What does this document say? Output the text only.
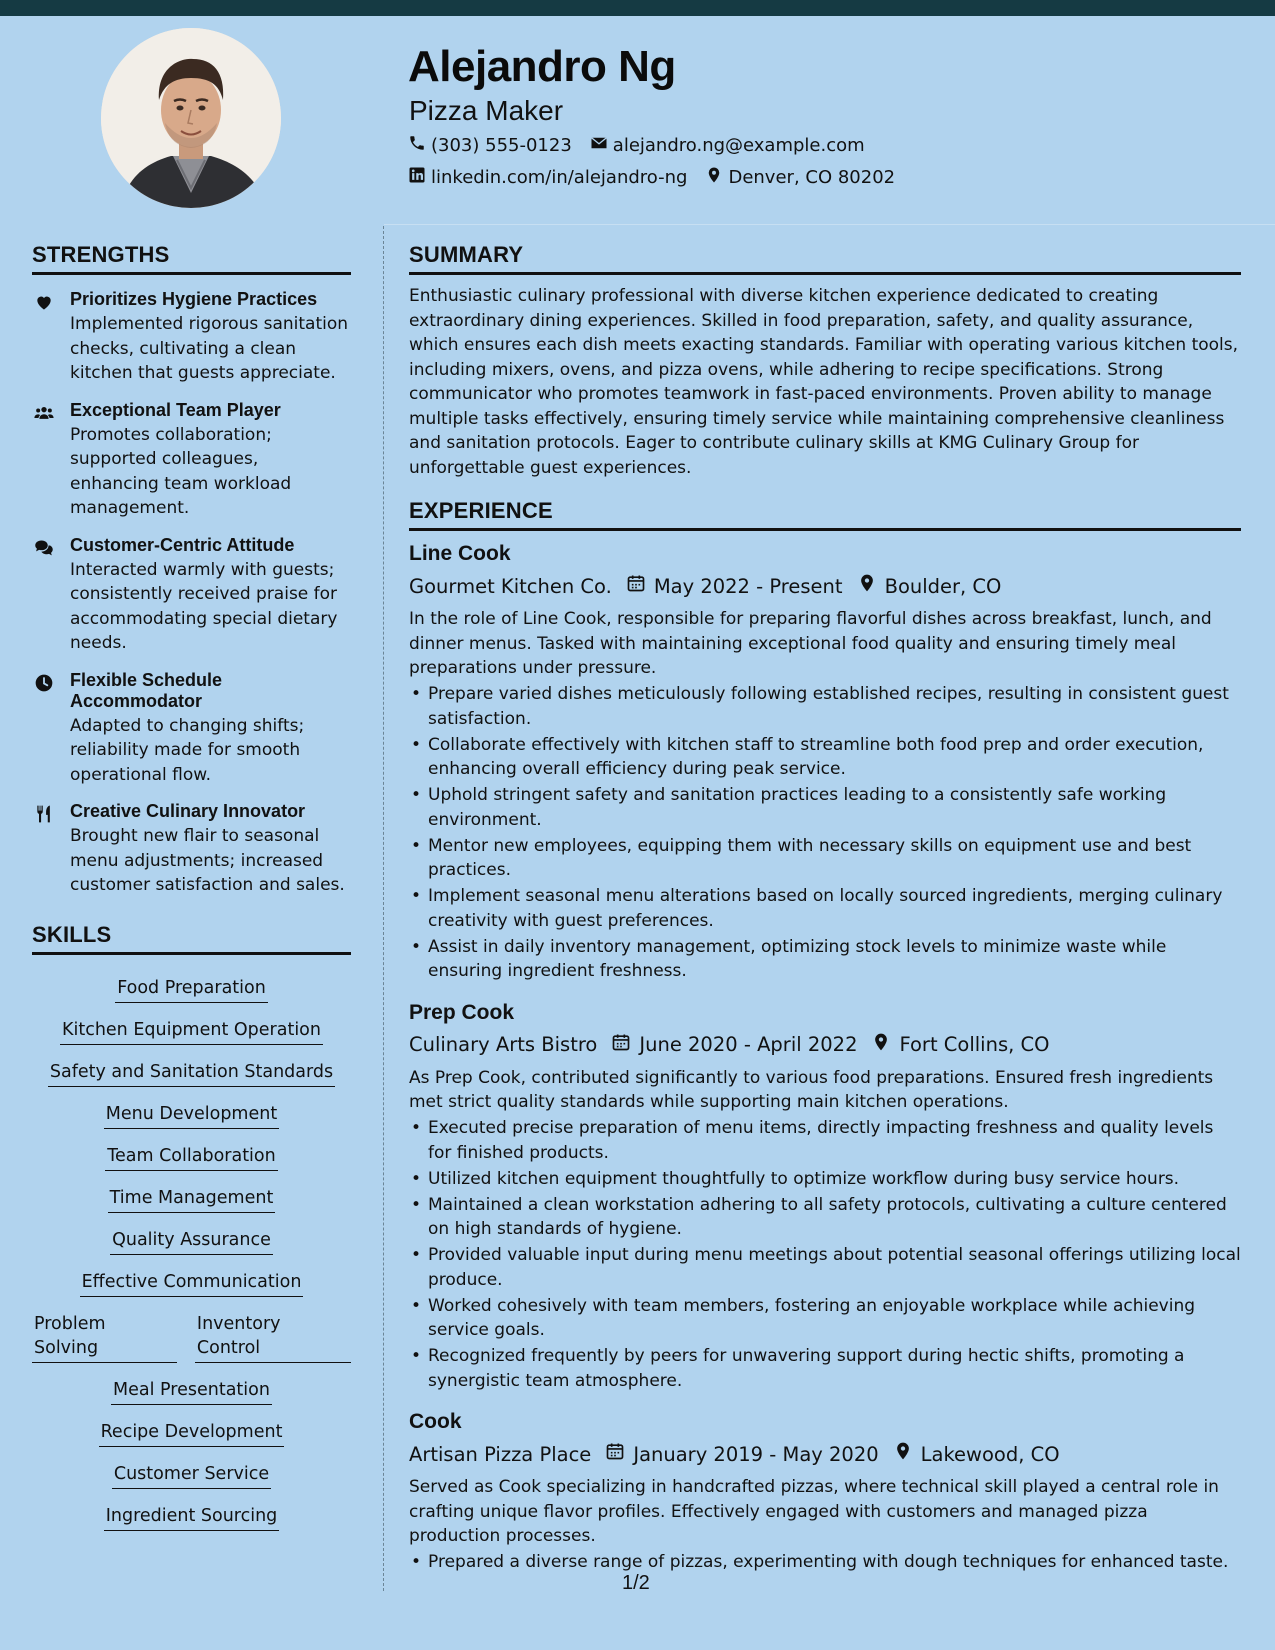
Alejandro Ng
Pizza Maker
(303) 555-0123 alejandro.ng@example.com
linkedin.com/in/alejandro-ng Denver, CO 80202
STRENGTHS
Prioritizes Hygiene Practices
Implemented rigorous sanitation checks, cultivating a clean kitchen that guests appreciate.
Exceptional Team Player
Promotes collaboration; supported colleagues, enhancing team workload management.
Customer-Centric Attitude
Interacted warmly with guests; consistently received praise for accommodating special dietary needs.
Flexible Schedule Accommodator
Adapted to changing shifts; reliability made for smooth operational flow.
Creative Culinary Innovator
Brought new flair to seasonal menu adjustments; increased customer satisfaction and sales.
SKILLS
Food Preparation
Kitchen Equipment Operation
Safety and Sanitation Standards
Menu Development
Team Collaboration
Time Management
Quality Assurance
Effective Communication
Problem Solving
Inventory Control
Meal Presentation
Recipe Development
Customer Service
Ingredient Sourcing
SUMMARY
Enthusiastic culinary professional with diverse kitchen experience dedicated to creating extraordinary dining experiences. Skilled in food preparation, safety, and quality assurance, which ensures each dish meets exacting standards. Familiar with operating various kitchen tools, including mixers, ovens, and pizza ovens, while adhering to recipe specifications. Strong communicator who promotes teamwork in fast-paced environments. Proven ability to manage multiple tasks effectively, ensuring timely service while maintaining comprehensive cleanliness and sanitation protocols. Eager to contribute culinary skills at KMG Culinary Group for unforgettable guest experiences.
EXPERIENCE
Line Cook
Gourmet Kitchen Co. May 2022 - Present Boulder, CO
In the role of Line Cook, responsible for preparing flavorful dishes across breakfast, lunch, and dinner menus. Tasked with maintaining exceptional food quality and ensuring timely meal preparations under pressure.
• Prepare varied dishes meticulously following established recipes, resulting in consistent guest satisfaction.
• Collaborate effectively with kitchen staff to streamline both food prep and order execution, enhancing overall efficiency during peak service.
• Uphold stringent safety and sanitation practices leading to a consistently safe working environment.
• Mentor new employees, equipping them with necessary skills on equipment use and best practices.
• Implement seasonal menu alterations based on locally sourced ingredients, merging culinary creativity with guest preferences.
• Assist in daily inventory management, optimizing stock levels to minimize waste while ensuring ingredient freshness.
Prep Cook
Culinary Arts Bistro June 2020 - April 2022 Fort Collins, CO
As Prep Cook, contributed significantly to various food preparations. Ensured fresh ingredients met strict quality standards while supporting main kitchen operations.
• Executed precise preparation of menu items, directly impacting freshness and quality levels for finished products.
• Utilized kitchen equipment thoughtfully to optimize workflow during busy service hours.
• Maintained a clean workstation adhering to all safety protocols, cultivating a culture centered on high standards of hygiene.
• Provided valuable input during menu meetings about potential seasonal offerings utilizing local produce.
• Worked cohesively with team members, fostering an enjoyable workplace while achieving service goals.
• Recognized frequently by peers for unwavering support during hectic shifts, promoting a synergistic team atmosphere.
Cook
Artisan Pizza Place January 2019 - May 2020 Lakewood, CO
Served as Cook specializing in handcrafted pizzas, where technical skill played a central role in crafting unique flavor profiles. Effectively engaged with customers and managed pizza production processes.
• Prepared a diverse range of pizzas, experimenting with dough techniques for enhanced taste.
1/2
